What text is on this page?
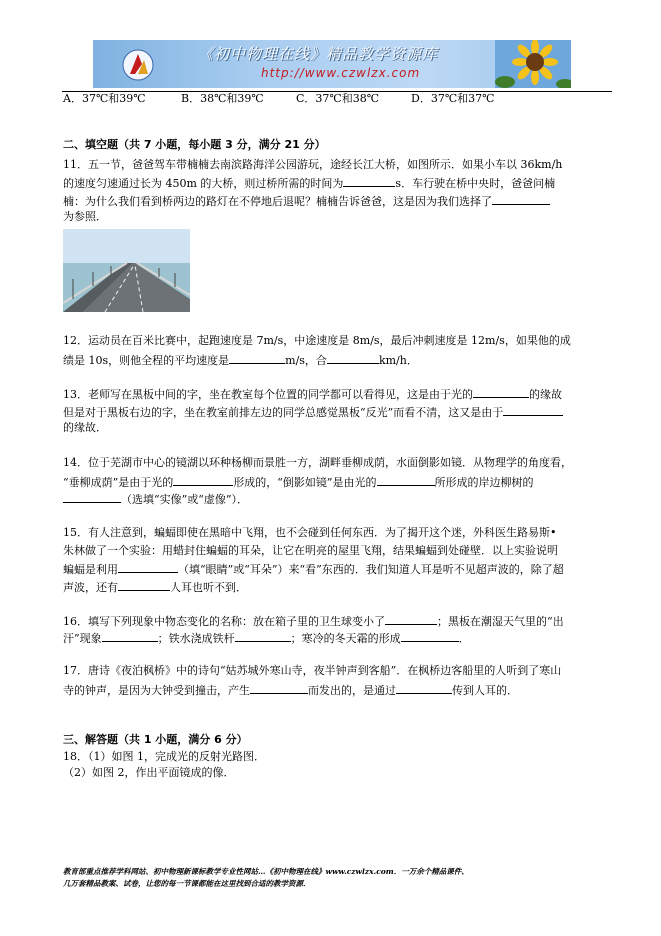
《初中物理在线》精品教学资源库
http://www.czwlzx.com
A．37℃和39℃	B．38℃和39℃	C．37℃和38℃	D．37℃和37℃
二、填空题（共 7 小题，每小题 3 分，满分 21 分）
11．五一节，爸爸驾车带楠楠去南滨路海洋公园游玩，途经长江大桥，如图所示．如果小车以 36km/h
的速度匀速通过长为 450m 的大桥，则过桥所需的时间为	s．车行驶在桥中央时，爸爸问楠
楠：为什么我们看到桥两边的路灯在不停地后退呢？楠楠告诉爸爸，这是因为我们选择了
为参照．
12．运动员在百米比赛中，起跑速度是 7m/s，中途速度是 8m/s，最后冲刺速度是 12m/s，如果他的成
绩是 10s，则他全程的平均速度是	m/s，合	km/h．
13．老师写在黑板中间的字，坐在教室每个位置的同学都可以看得见，这是由于光的	的缘故
但是对于黑板右边的字，坐在教室前排左边的同学总感觉黑板“反光”而看不清，这又是由于
的缘故．
14．位于芜湖市中心的镜湖以环种杨柳而景胜一方，湖畔垂柳成荫，水面倒影如镜．从物理学的角度看，
“垂柳成荫”是由于光的	形成的，“倒影如镜”是由光的	所形成的岸边柳树的
（选填“实像”或“虚像”）．
15．有人注意到，蝙蝠即使在黑暗中飞翔，也不会碰到任何东西．为了揭开这个迷，外科医生路易斯•
朱林做了一个实验：用蜡封住蝙蝠的耳朵，让它在明亮的屋里飞翔，结果蝙蝠到处碰壁．以上实验说明
蝙蝠是利用	（填“眼睛”或“耳朵”）来“看”东西的．我们知道人耳是听不见超声波的，除了超
声波，还有	人耳也听不到．
16．填写下列现象中物态变化的名称：放在箱子里的卫生球变小了	；黑板在潮湿天气里的“出
汗”现象	；铁水浇成铁杆	；寒冷的冬天霜的形成	．
17．唐诗《夜泊枫桥》中的诗句“姑苏城外寒山寺，夜半钟声到客船”．在枫桥边客船里的人听到了寒山
寺的钟声，是因为大钟受到撞击，产生	而发出的，是通过	传到人耳的．
三、解答题（共 1 小题，满分 6 分）
18．（1）如图 1，完成光的反射光路图．
（2）如图 2，作出平面镜成的像．
教育部重点推荐学科网站、初中物理新课标教学专业性网站…《初中物理在线》www.czwlzx.com．一万余个精品课件、
几万套精品教案、试卷，让您的每一节课都能在这里找到合适的教学资源．
